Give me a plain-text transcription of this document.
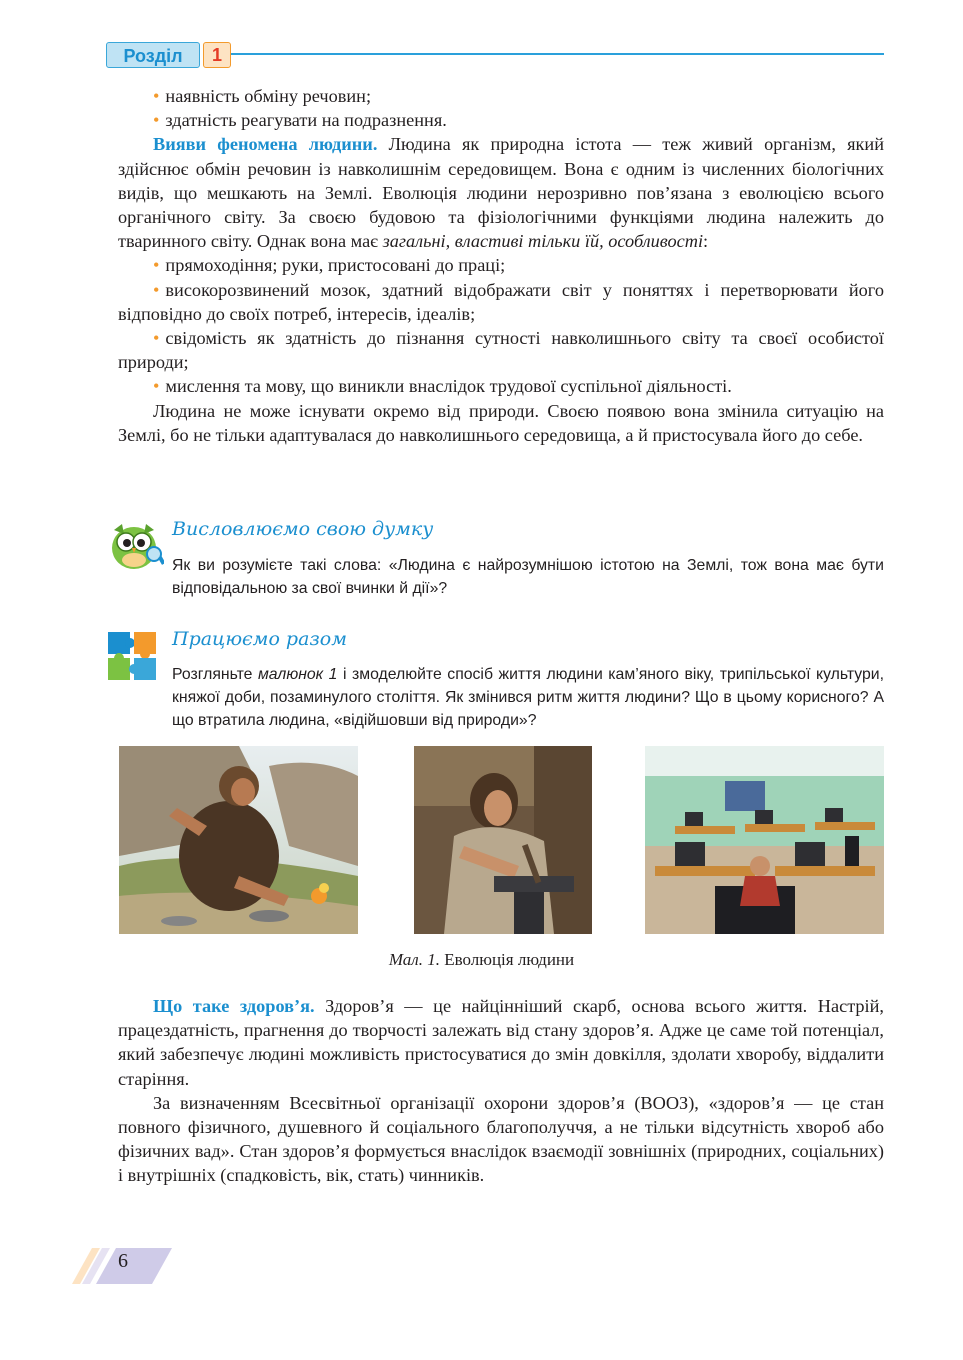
Розділ	1

• наявність обміну речовин;

• здатність реагувати на подразнення.

Вияви феномена людини. Людина як природна істота — теж живий організм, який здійснює обмін речовин із навколишнім середовищем. Вона є одним із численних біологічних видів, що мешкають на Землі. Еволюція людини нерозривно пов’язана з еволюцією всього органічного світу. За своєю будовою та фізіологічними функціями людина належить до тваринного світу. Однак вона має загальні, властиві тільки їй, особливості:

• прямоходіння; руки, пристосовані до праці;

• високорозвинений мозок, здатний відображати світ у поняттях і перетворювати його відповідно до своїх потреб, інтересів, ідеалів;

• свідомість як здатність до пізнання сутності навколишнього світу та своєї особистої природи;

• мислення та мову, що виникли внаслідок трудової суспільної діяльності.

Людина не може існувати окремо від природи. Своєю появою вона змінила ситуацію на Землі, бо не тільки адаптувалася до навколишнього середовища, а й пристосувала його до себе.

Висловлюємо свою думку

Як ви розумієте такі слова: «Людина є найрозумнішою істотою на Землі, тож вона має бути відповідальною за свої вчинки й дії»?

Працюємо разом

Розгляньте малюнок 1 і змоделюйте спосіб життя людини кам’яного віку, трипільської культури, княжої доби, позаминулого століття. Як змінився ритм життя людини? Що в цьому корисного? А що втратила людина, «відійшовши від природи»?

Мал. 1. Еволюція людини

Що таке здоров’я. Здоров’я — це найцінніший скарб, основа всього життя. Настрій, працездатність, прагнення до творчості залежать від стану здоров’я. Адже це саме той потенціал, який забезпечує людині можливість пристосуватися до змін довкілля, здолати хворобу, віддалити старіння.

За визначенням Всесвітньої організації охорони здоров’я (ВООЗ), «здоров’я — це стан повного фізичного, душевного й соціального благополуччя, а не тільки відсутність хвороб або фізичних вад». Стан здоров’я формується внаслідок взаємодії зовнішніх (природних, соціальних) і внутрішніх (спадковість, вік, стать) чинників.

6
